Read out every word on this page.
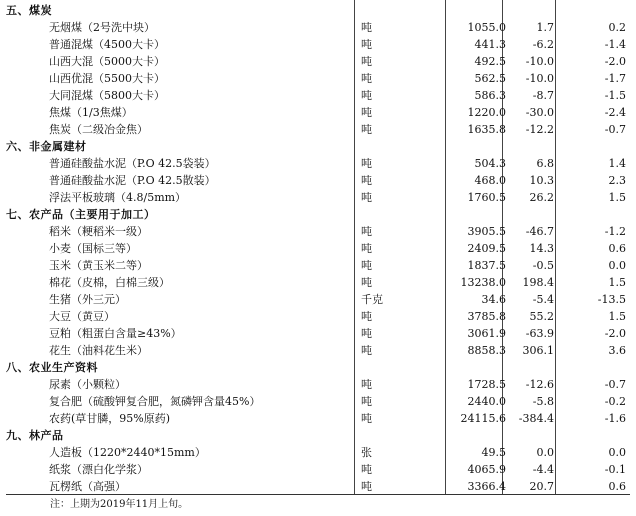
五、煤炭
无烟煤（2号洗中块）	吨	1055.0	1.7	0.2
普通混煤（4500大卡）	吨	441.3	-6.2	-1.4
山西大混（5000大卡）	吨	492.5	-10.0	-2.0
山西优混（5500大卡）	吨	562.5	-10.0	-1.7
大同混煤（5800大卡）	吨	586.3	-8.7	-1.5
焦煤（1/3焦煤）	吨	1220.0	-30.0	-2.4
焦炭（二级冶金焦）	吨	1635.8	-12.2	-0.7
六、非金属建材
普通硅酸盐水泥（P.O 42.5袋装）	吨	504.3	6.8	1.4
普通硅酸盐水泥（P.O 42.5散装）	吨	468.0	10.3	2.3
浮法平板玻璃（4.8/5mm）	吨	1760.5	26.2	1.5
七、农产品（主要用于加工）
稻米（粳稻米一级）	吨	3905.5	-46.7	-1.2
小麦（国标三等）	吨	2409.5	14.3	0.6
玉米（黄玉米二等）	吨	1837.5	-0.5	0.0
棉花（皮棉，白棉三级）	吨	13238.0	198.4	1.5
生猪（外三元）	千克	34.6	-5.4	-13.5
大豆（黄豆）	吨	3785.8	55.2	1.5
豆粕（粗蛋白含量≥43%）	吨	3061.9	-63.9	-2.0
花生（油料花生米）	吨	8858.3	306.1	3.6
八、农业生产资料
尿素（小颗粒）	吨	1728.5	-12.6	-0.7
复合肥（硫酸钾复合肥，氮磷钾含量45%）	吨	2440.0	-5.8	-0.2
农药(草甘膦，95%原药)	吨	24115.6 -384.4	-1.6
九、林产品
人造板（1220*2440*15mm）	张	49.5	0.0	0.0
纸浆（漂白化学浆）	吨	4065.9	-4.4	-0.1
瓦楞纸（高强）	吨	3366.4	20.7	0.6
注：上期为2019年11月上旬。
